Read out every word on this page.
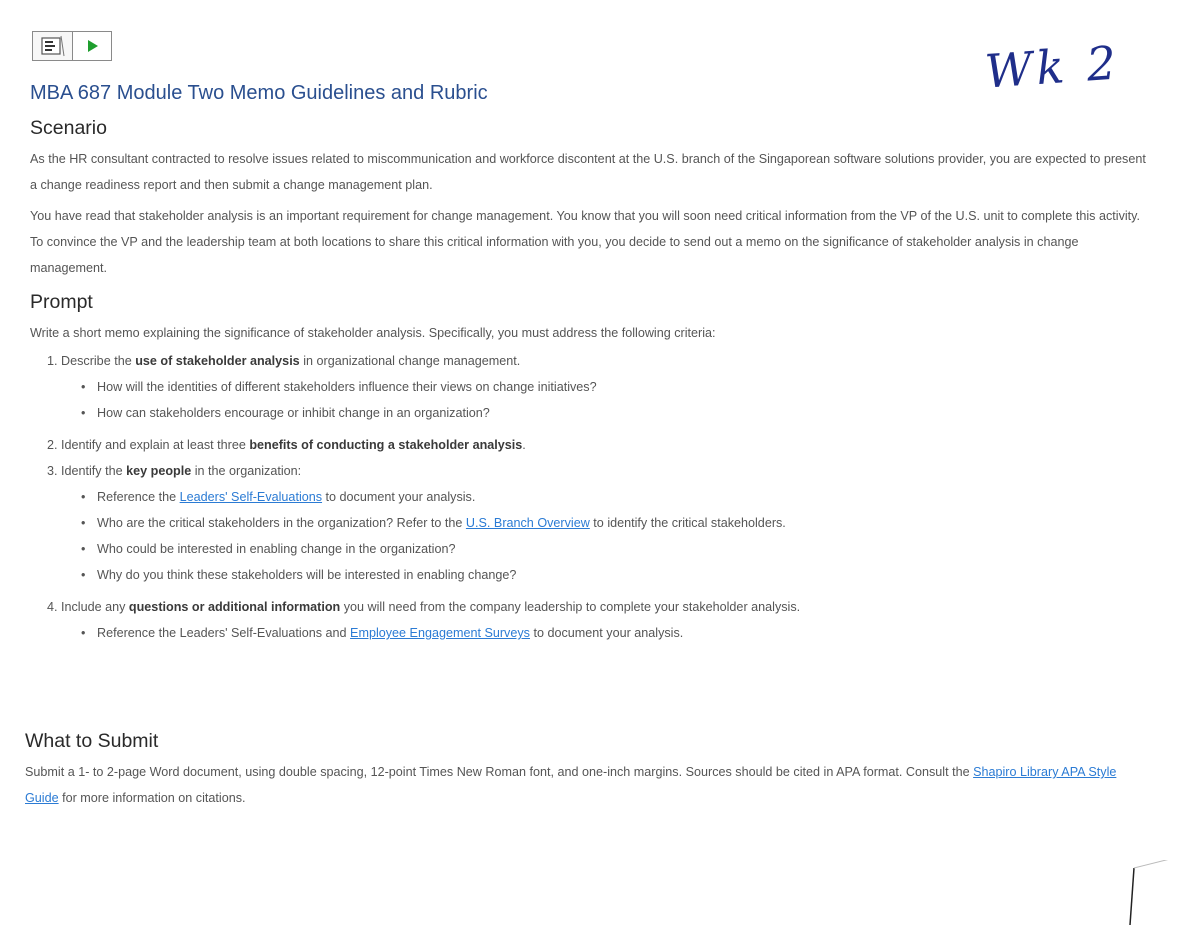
Wk 2
MBA 687 Module Two Memo Guidelines and Rubric
Scenario

As the HR consultant contracted to resolve issues related to miscommunication and workforce discontent at the U.S. branch of the Singaporean software solutions provider, you are expected to present a change readiness report and then submit a change management plan.

You have read that stakeholder analysis is an important requirement for change management. You know that you will soon need critical information from the VP of the U.S. unit to complete this activity. To convince the VP and the leadership team at both locations to share this critical information with you, you decide to send out a memo on the significance of stakeholder analysis in change management.

Prompt

Write a short memo explaining the significance of stakeholder analysis. Specifically, you must address the following criteria:

1. Describe the use of stakeholder analysis in organizational change management.
• How will the identities of different stakeholders influence their views on change initiatives?
• How can stakeholders encourage or inhibit change in an organization?
2. Identify and explain at least three benefits of conducting a stakeholder analysis.
3. Identify the key people in the organization:
• Reference the Leaders' Self-Evaluations to document your analysis.
• Who are the critical stakeholders in the organization? Refer to the U.S. Branch Overview to identify the critical stakeholders.
• Who could be interested in enabling change in the organization?
• Why do you think these stakeholders will be interested in enabling change?
4. Include any questions or additional information you will need from the company leadership to complete your stakeholder analysis.
• Reference the Leaders' Self-Evaluations and Employee Engagement Surveys to document your analysis.
What to Submit

Submit a 1- to 2-page Word document, using double spacing, 12-point Times New Roman font, and one-inch margins. Sources should be cited in APA format. Consult the Shapiro Library APA Style Guide for more information on citations.
